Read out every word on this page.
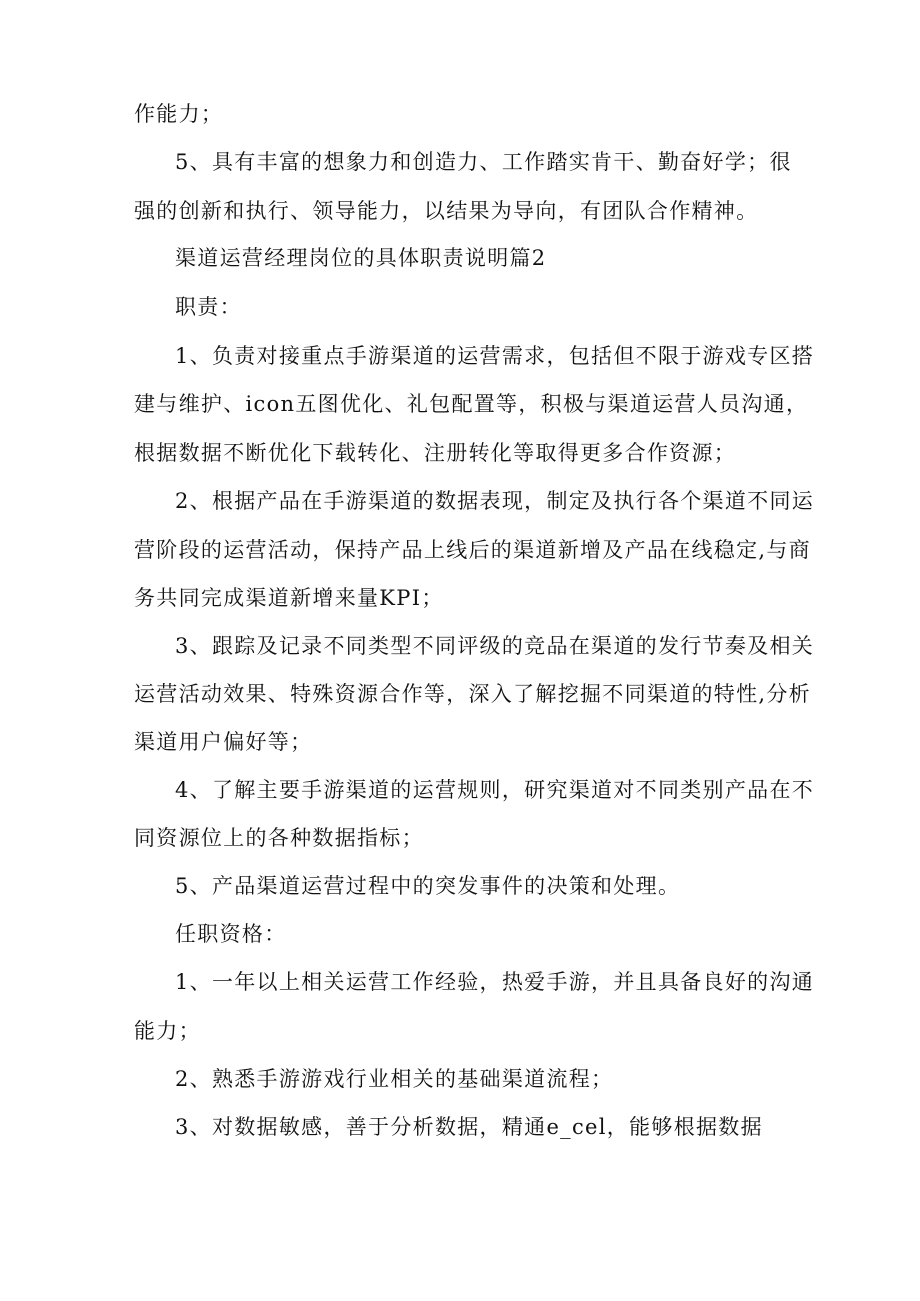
作能力；
5、具有丰富的想象力和创造力、工作踏实肯干、勤奋好学；很
强的创新和执行、领导能力，以结果为导向，有团队合作精神。
渠道运营经理岗位的具体职责说明篇2
职责：
1、负责对接重点手游渠道的运营需求，包括但不限于游戏专区搭
建与维护、icon五图优化、礼包配置等，积极与渠道运营人员沟通，
根据数据不断优化下载转化、注册转化等取得更多合作资源；
2、根据产品在手游渠道的数据表现，制定及执行各个渠道不同运
营阶段的运营活动，保持产品上线后的渠道新增及产品在线稳定,与商
务共同完成渠道新增来量KPI；
3、跟踪及记录不同类型不同评级的竞品在渠道的发行节奏及相关
运营活动效果、特殊资源合作等，深入了解挖掘不同渠道的特性,分析
渠道用户偏好等；
4、了解主要手游渠道的运营规则，研究渠道对不同类别产品在不
同资源位上的各种数据指标；
5、产品渠道运营过程中的突发事件的决策和处理。
任职资格：
1、一年以上相关运营工作经验，热爱手游，并且具备良好的沟通
能力；
2、熟悉手游游戏行业相关的基础渠道流程；
3、对数据敏感，善于分析数据，精通e_cel，能够根据数据
